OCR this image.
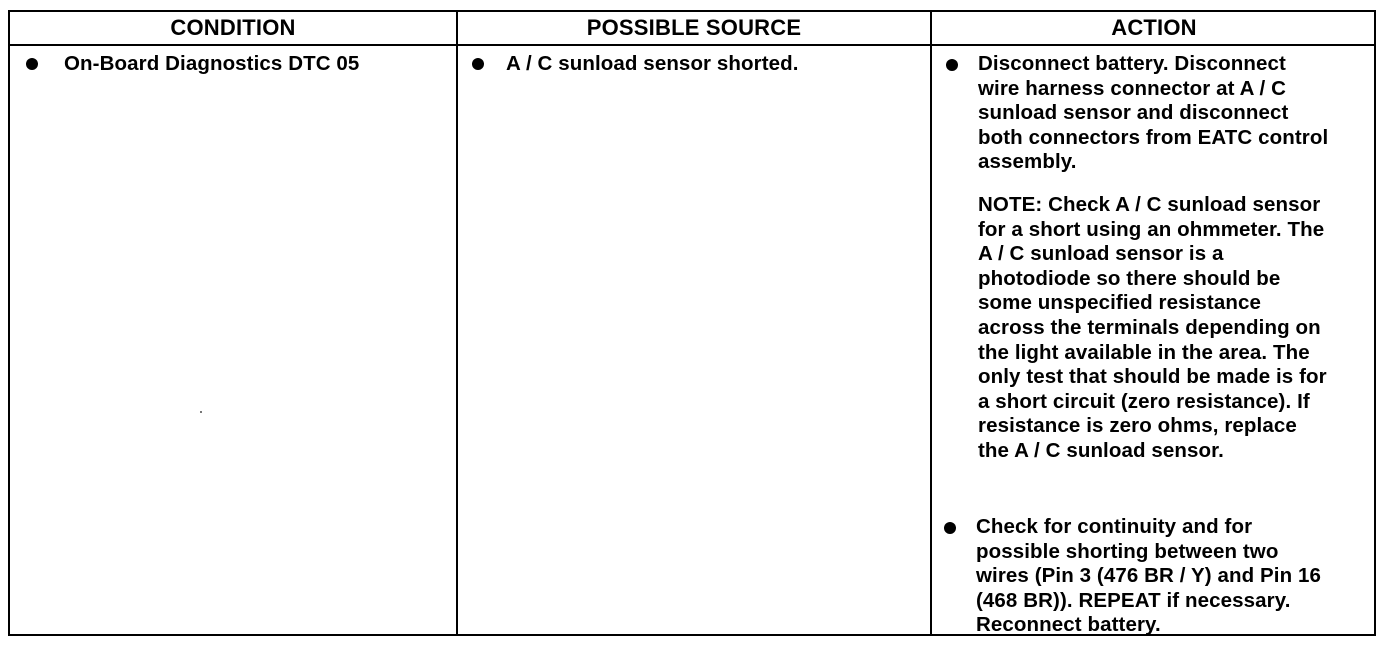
CONDITION	POSSIBLE SOURCE	ACTION
On-Board Diagnostics DTC 05	A / C sunload sensor shorted.	Disconnect battery. Disconnect
wire harness connector at A / C
sunload sensor and disconnect
both connectors from EATC control
assembly.
NOTE: Check A / C sunload sensor
for a short using an ohmmeter. The
A / C sunload sensor is a
photodiode so there should be
some unspecified resistance
across the terminals depending on
the light available in the area. The
only test that should be made is for
a short circuit (zero resistance). If
resistance is zero ohms, replace
the A / C sunload sensor.
Check for continuity and for
possible shorting between two
wires (Pin 3 (476 BR / Y) and Pin 16
(468 BR)). REPEAT if necessary.
Reconnect battery.
